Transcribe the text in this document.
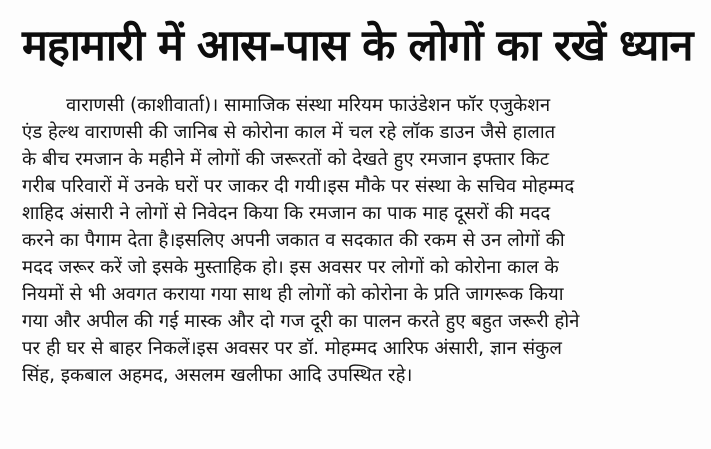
महामारी में आस-पास के लोगों का रखें ध्यान
वाराणसी (काशीवार्ता)। सामाजिक संस्था मरियम फाउंडेशन फॉर एजुकेशन
एंड हेल्थ वाराणसी की जानिब से कोरोना काल में चल रहे लॉक डाउन जैसे हालात
के बीच रमजान के महीने में लोगों की जरूरतों को देखते हुए रमजान इफ्तार किट
गरीब परिवारों में उनके घरों पर जाकर दी गयी।इस मौके पर संस्था के सचिव मोहम्मद
शाहिद अंसारी ने लोगों से निवेदन किया कि रमजान का पाक माह दूसरों की मदद
करने का पैगाम देता है।इसलिए अपनी जकात व सदकात की रकम से उन लोगों की
मदद जरूर करें जो इसके मुस्ताहिक हो। इस अवसर पर लोगों को कोरोना काल के
नियमों से भी अवगत कराया गया साथ ही लोगों को कोरोना के प्रति जागरूक किया
गया और अपील की गई मास्क और दो गज दूरी का पालन करते हुए बहुत जरूरी होने
पर ही घर से बाहर निकलें।इस अवसर पर डॉ. मोहम्मद आरिफ अंसारी, ज्ञान संकुल
सिंह, इकबाल अहमद, असलम खलीफा आदि उपस्थित रहे।
